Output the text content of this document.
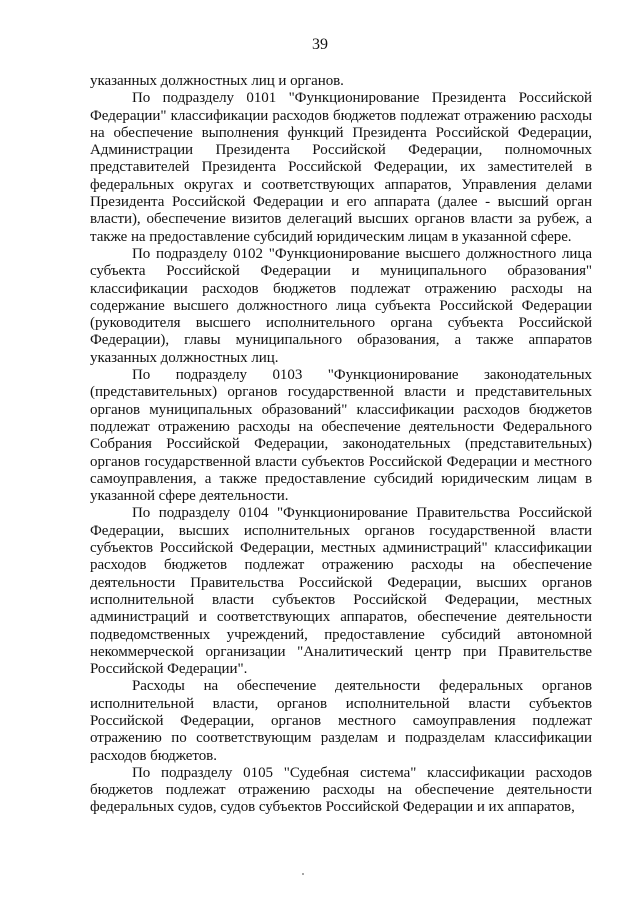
39

указанных должностных лиц и органов.

По подразделу 0101 "Функционирование Президента Российской Федерации" классификации расходов бюджетов подлежат отражению расходы на обеспечение выполнения функций Президента Российской Федерации, Администрации Президента Российской Федерации, полномочных представителей Президента Российской Федерации, их заместителей в федеральных округах и соответствующих аппаратов, Управления делами Президента Российской Федерации и его аппарата (далее - высший орган власти), обеспечение визитов делегаций высших органов власти за рубеж, а также на предоставление субсидий юридическим лицам в указанной сфере.

По подразделу 0102 "Функционирование высшего должностного лица субъекта Российской Федерации и муниципального образования" классификации расходов бюджетов подлежат отражению расходы на содержание высшего должностного лица субъекта Российской Федерации (руководителя высшего исполнительного органа субъекта Российской Федерации), главы муниципального образования, а также аппаратов указанных должностных лиц.

По подразделу 0103 "Функционирование законодательных (представительных) органов государственной власти и представительных органов муниципальных образований" классификации расходов бюджетов подлежат отражению расходы на обеспечение деятельности Федерального Собрания Российской Федерации, законодательных (представительных) органов государственной власти субъектов Российской Федерации и местного самоуправления, а также предоставление субсидий юридическим лицам в указанной сфере деятельности.

По подразделу 0104 "Функционирование Правительства Российской Федерации, высших исполнительных органов государственной власти субъектов Российской Федерации, местных администраций" классификации расходов бюджетов подлежат отражению расходы на обеспечение деятельности Правительства Российской Федерации, высших органов исполнительной власти субъектов Российской Федерации, местных администраций и соответствующих аппаратов, обеспечение деятельности подведомственных учреждений, предоставление субсидий автономной некоммерческой организации "Аналитический центр при Правительстве Российской Федерации".

Расходы на обеспечение деятельности федеральных органов исполнительной власти, органов исполнительной власти субъектов Российской Федерации, органов местного самоуправления подлежат отражению по соответствующим разделам и подразделам классификации расходов бюджетов.

По подразделу 0105 "Судебная система" классификации расходов бюджетов подлежат отражению расходы на обеспечение деятельности федеральных судов, судов субъектов Российской Федерации и их аппаратов,
